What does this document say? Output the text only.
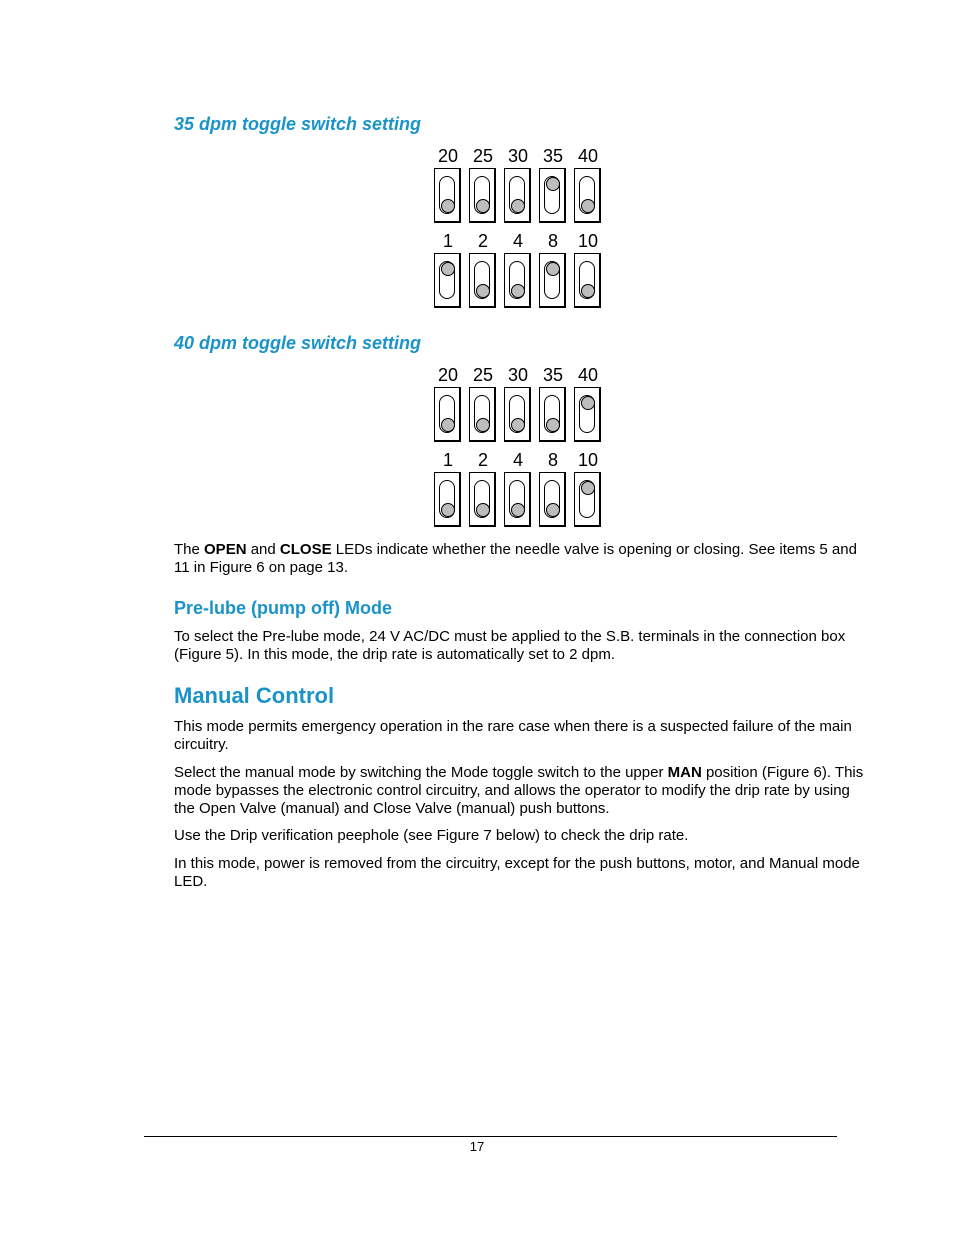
35 dpm toggle switch setting
20 25 30 35 40
1	2	4	8	10
40 dpm toggle switch setting
20 25 30 35 40
1	2	4	8	10
The OPEN and CLOSE LEDs indicate whether the needle valve is opening or closing. See items 5 and 11 in Figure 6 on page 13.
Pre-lube (pump off) Mode
To select the Pre-lube mode, 24 V AC/DC must be applied to the S.B. terminals in the connection box (Figure 5). In this mode, the drip rate is automatically set to 2 dpm.
Manual Control
This mode permits emergency operation in the rare case when there is a suspected failure of the main circuitry.
Select the manual mode by switching the Mode toggle switch to the upper MAN position (Figure 6). This mode bypasses the electronic control circuitry, and allows the operator to modify the drip rate by using the Open Valve (manual) and Close Valve (manual) push buttons.
Use the Drip verification peephole (see Figure 7 below) to check the drip rate.
In this mode, power is removed from the circuitry, except for the push buttons, motor, and Manual mode LED.
17
